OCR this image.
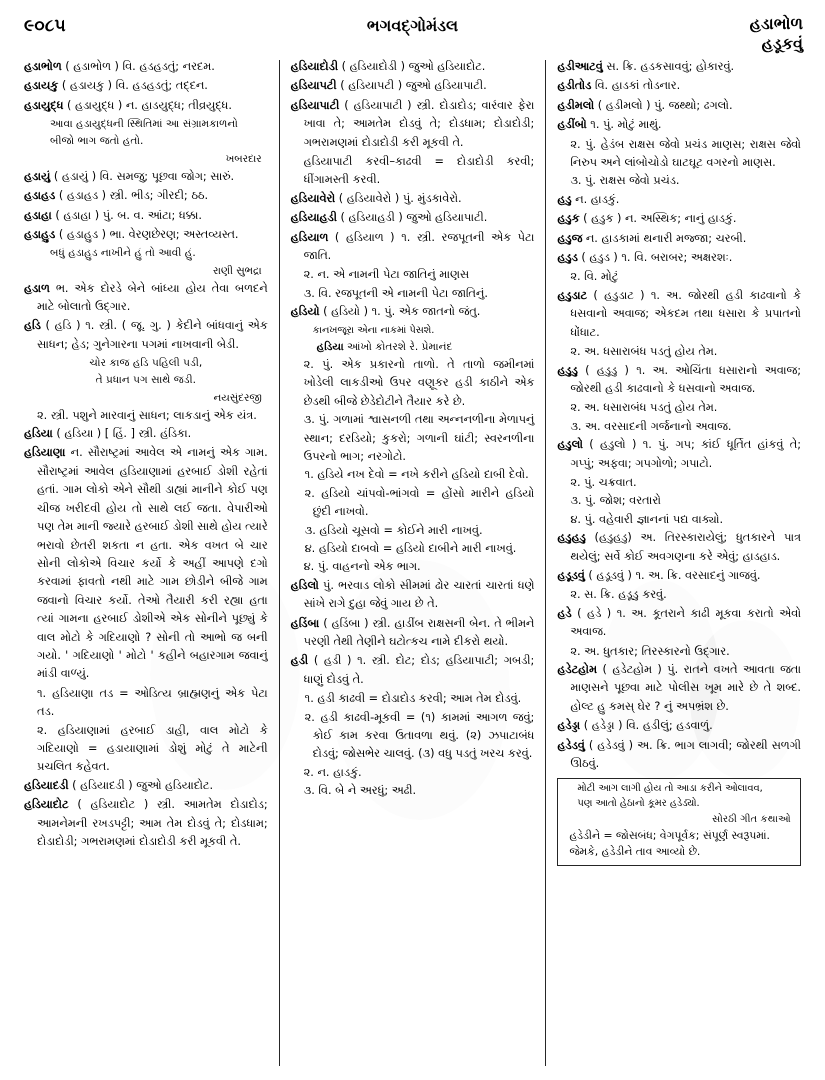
૯૦૮૫	ભગવદ્ગોમંડલ	હડાભોળ
હડૂકવું
હડાભોળ ( હડાભોળ ) વિ. હડહડતું; નરદમ.
હડાયકુ ( હડાયકુ ) વિ. હડહડતું; તદ્દન.
હડાયુદ્ધ ( હડાયુદ્ધ ) ન. હાડયુદ્ધ; તીવ્રયુદ્ધ.

આવા હડાયુદ્ધની સ્થિતિમાં આ સંગ્રામકાળનો

બીજો ભાગ જતો હતો.

ખબરદાર

હડાયું ( હડાયું ) વિ. સમજુ; પૂછવા જોગ; સારું.
હડાહડ ( હડાહડ ) સ્ત્રી. ભીડ; ગીરદી; ઠઠ.
હડાહા ( હડાહા ) પું. બ. વ. આંટા; ધક્કા.
હડાહુડ ( હડાહુડ ) ભા. વેરણછેરણ; અસ્તવ્યસ્ત.

બધું હડાહુડ નાખીને હું તો આવી હું.

રાણી સુભદ્રા

હડાળ ભ. એક દોરડે બેને બાંધ્યા હોય તેવા બળદને માટે બોલાતો ઉદ્ગાર.
હડિ ( હડિ ) ૧. સ્ત્રી. ( જૂ. ગુ. ) કેદીને બાંધવાનું એક સાધન; હેડ; ગુનેગારના પગમાં નાખવાની બેડી.

ચોર કાજ હડિ પહિલી પડી,

તે પ્રધાન પગ સાથે જડી.

નયસુંદરજી

૨. સ્ત્રી. પશુને મારવાનું સાધન; લાકડાનું એક યંત્ર.

હડિયા ( હડિયા ) [ હિં. ] સ્ત્રી. હંડિકા.
હડિયાણા ન. સૌરાષ્ટ્રમાં આવેલ એ નામનું એક ગામ. સૌરાષ્ટ્રમાં આવેલ હડિયાણામાં હરબાઈ ડોશી રહેતાં હતાં. ગામ લોકો એને સૌથી ડાહ્યાં માનીને કોઈ પણ ચીજ ખરીદવી હોય તો સાથે લઈ જતા. વેપારીઓ પણ તેમ માની જ્યારે હરબાઈ ડોશી સાથે હોય ત્યારે ભરાવો છેતરી શકતા ન હતા. એક વખત બે ચાર સોની લોકોએ વિચાર કર્યો કે અહીં આપણે દગો કરવામાં ફાવતો નથી માટે ગામ છોડીને બીજે ગામ જવાનો વિચાર કર્યો. તેઓ તૈયારી કરી રહ્યા હતા ત્યાં ગામના હરબાઈ ડોશીએ એક સોનીને પૂછ્યું કે વાલ મોટો કે ગદિયાણો ? સોની તો આભો જ બની ગયો. ' ગદિયાણો ' મોટો ' કહીને બહારગામ જવાનું માંડી વાળ્યું.

૧. હડિયાણા તડ = ઓડિત્ય બ્રાહ્મણનું એક પેટા તડ.

૨. હડિયાણામાં હરબાઈ ડાહી, વાલ મોટો કે ગદિયાણો = હડાયાણામાં ડોશું મોટું તે માટેની પ્રચલિત કહેવત.

હડિયાદડી ( હડિયાદડી ) જુઓ હડિયાદોટ.
હડિયાદોટ ( હડિયાદોટ ) સ્ત્રી. આમતેમ દોડાદોડ; આમનેમની રખડપટ્ટી; આમ તેમ દોડવું તે; દોડધામ; દોડાદોડી; ગભરામણમાં દોડાદોડી કરી મૂકવી તે.
હડિયાદોડી ( હડિયાદોડી ) જુઓ હડિયાદોટ.
હડિયાપટી ( હડિયાપટી ) જુઓ હડિયાપાટી.
હડિયાપાટી ( હડિયાપાટી ) સ્ત્રી. દોડાદોડ; વારંવાર ફેરા ખાવા તે; આમતેમ દોડવું તે; દોડધામ; દોડાદોડી; ગભરામણમાં દોડાદોડી કરી મૂકવી તે.

હડિયાપાટી કરવી–કાઢવી = દોડાદોડી કરવી; ધીંગામસ્તી કરવી.

હડિયાવેરો ( હડિયાવેરો ) પું. મુંડકાવેરો.
હડિયાહડી ( હડિયાહડી ) જુઓ હડિયાપાટી.
હડિયાળ ( હડિયાળ ) ૧. સ્ત્રી. રજપૂતની એક પેટા જાતિ.

૨. ન. એ નામની પેટા જાતિનું માણસ

૩. વિ. રજપૂતની એ નામની પેટા જાતિનું.

હડિયો ( હડિયો ) ૧. પું. એક જાતનો જંતુ.

કાનખજૂરા એના નાકમાં પેસશે.

હડિયા આંખો કોતરશે રે. પ્રેમાનંદ

૨. પું. એક પ્રકારનો તાળો. તે તાળો જમીનમાં ખોડેલી લાકડીઓ ઉપર વણૂકર હડી કાઠીને એક છેડથી બીજે છેડેદોટીને તૈયાર કરે છે.

૩. પું. ગળામાં શ્વાસનળી તથા અન્નનળીના મેળાપનું સ્થાન; દરડિયો; કુકરો; ગળાની ઘાંટી; સ્વરનળીના ઉપરનો ભાગ; નરગોટો.

૧. હડિયે નખ દેવો = નખે કરીને હડિયો દાબી દેવો.

૨. હડિયો ચાંપવો-ભાંગવો = હોંસો મારીને હડિયો છુંદી નાખવો.

૩. હડિયો ચૂસવો = કોઈને મારી નાખવું.

૪. હડિયો દાબવો = હડિયો દાબીને મારી નાખવું.

૪. પું. વાહનનો એક ભાગ.

હડિલો પું. ભરવાડ લોકો સીમમાં ઢોર ચારતાં ચારતાં ધણે સાંખે રાગે દુહા જેવું ગાય છે તે.
હડિંબા ( હડિંબા ) સ્ત્રી. હાડીંબ રાક્ષસની બેન. તે ભીમને પરણી તેથી તેણીને ઘટોત્કચ નામે દીકરો થયો.
હડી ( હડી ) ૧. સ્ત્રી. દોટ; દોડ; હડિયાપાટી; ગબડી; ધાણું દોડવું તે.

૧. હડી કાઢવી = દોડાદોડ કરવી; આમ તેમ દોડવું.

૨. હડી કાઢવી-મૂકવી = (૧) કામમાં આગળ જવું; કોઈ કામ કરવા ઉતાવળા થવું. (૨) ઝપાટાબંધ દોડવું; જોસભેર ચાલવું. (૩) વધુ પડતું ખરચ કરવું.

૨. ન. હાડકું.

૩. વિ. બે ને અરધું; અઢી.

હડીઆટવું સ. ક્રિ. હડકસાવવું; હોકારવું.
હડીતોડ વિ. હાડકાં તોડનાર.
હડીમલો ( હડીમલો ) પું. જથ્થો; ઢગલો.
હડીંબો ૧. પું. મોટું માથું.

૨. પું. હેડંબ રાક્ષસ જેવો પ્રચંડ માણસ; રાક્ષસ જેવો નિરુપ અને લાંબોચોડો ઘાટઘૂટ વગરનો માણસ.

૩. પું. રાક્ષસ જેવો પ્રચંડ.

હડુ ન. હાડકું.
હડુક ( હડુક ) ન. અસ્થિક; નાનું હાડકું.
હડુજ ન. હાડકામાં થનારી મજ્જા; ચરબી.
હડુડ ( હડુડ ) ૧. વિ. બરાબર; અક્ષરશઃ.

૨. વિ. મોટું

હડુડાટ ( હડુડાટ ) ૧. અ. જોરથી હડી કાઢવાનો કે ધસવાનો અવાજ; એકદમ તથા ધસારા કે પ્રપાતનો ધોંધાટ.

૨. અ. ધસારાબંધ પડતું હોય તેમ.

હડુડુ ( હડુડુ ) ૧. અ. ઓચિંતા ધસારાનો અવાજ; જોરથી હડી કાઢવાનો કે ધસવાનો અવાજ.

૨. અ. ધસારાબંધ પડતું હોય તેમ.

૩. અ. વરસાદની ગર્જનાનો અવાજ.

હડુલો ( હડુલો ) ૧. પું. ગપ; કાંઈ ધૂર્તિત હાંકવું તે; ગપ્પું; અફવા; ગપગોળો; ગપાટો.

૨. પું. ચક્રવાત.

૩. પું. જોશ; વરતારો

૪. પું. વહેવારી જ્ઞાનનાં પદ્ય વાક્યો.

હડુહડુ (હડુહડુ) અ. તિરસ્કારાયેલું; ધુતકારને પાત્ર થયેલું; સર્વે કોઈ અવગણના કરે એવું; હાડહાડ.
હડૂડવું ( હડૂડવું ) ૧. અ. ક્રિ. વરસાદનું ગાજવું.

૨. સ. ક્રિ. હડૂડુ કરવું.

હડે ( હડે ) ૧. અ. કૂતરાને કાઢી મૂકવા કરાતો એવો અવાજ.

૨. અ. ધુતકાર; તિરસ્કારનો ઉદ્ગાર.

હડેટહોમ ( હડેટહોમ ) પું. રાતને વખતે આવતા જતા માણસને પૂછવા માટે પોલીસ ખૂમ મારે છે તે શબ્દ. હોલ્ટ હુ કમસ્ ઘેર ? નું અપભ્રંશ છે.
હડેડ્ડા ( હડેડ્ડા ) વિ. હડીલું; હડવાળું.
હડેડવું ( હડેડવું ) અ. ક્રિ. ભાગ લાગવી; જોરથી સળગી ઊઠવું.

મોટી આગ લાગી હોય તો આડા કરીને ઓલાવવ,

પણ આતો હેઠાનો કૂમર હડેડ્યો.

સોરઠી ગીત કથાઓ

હડેડીને = જોસબંધ; વેગપૂર્વક; સંપૂર્ણ સ્વરૂપમાં. જેમકે, હડેડીને તાવ આવ્યો છે.
